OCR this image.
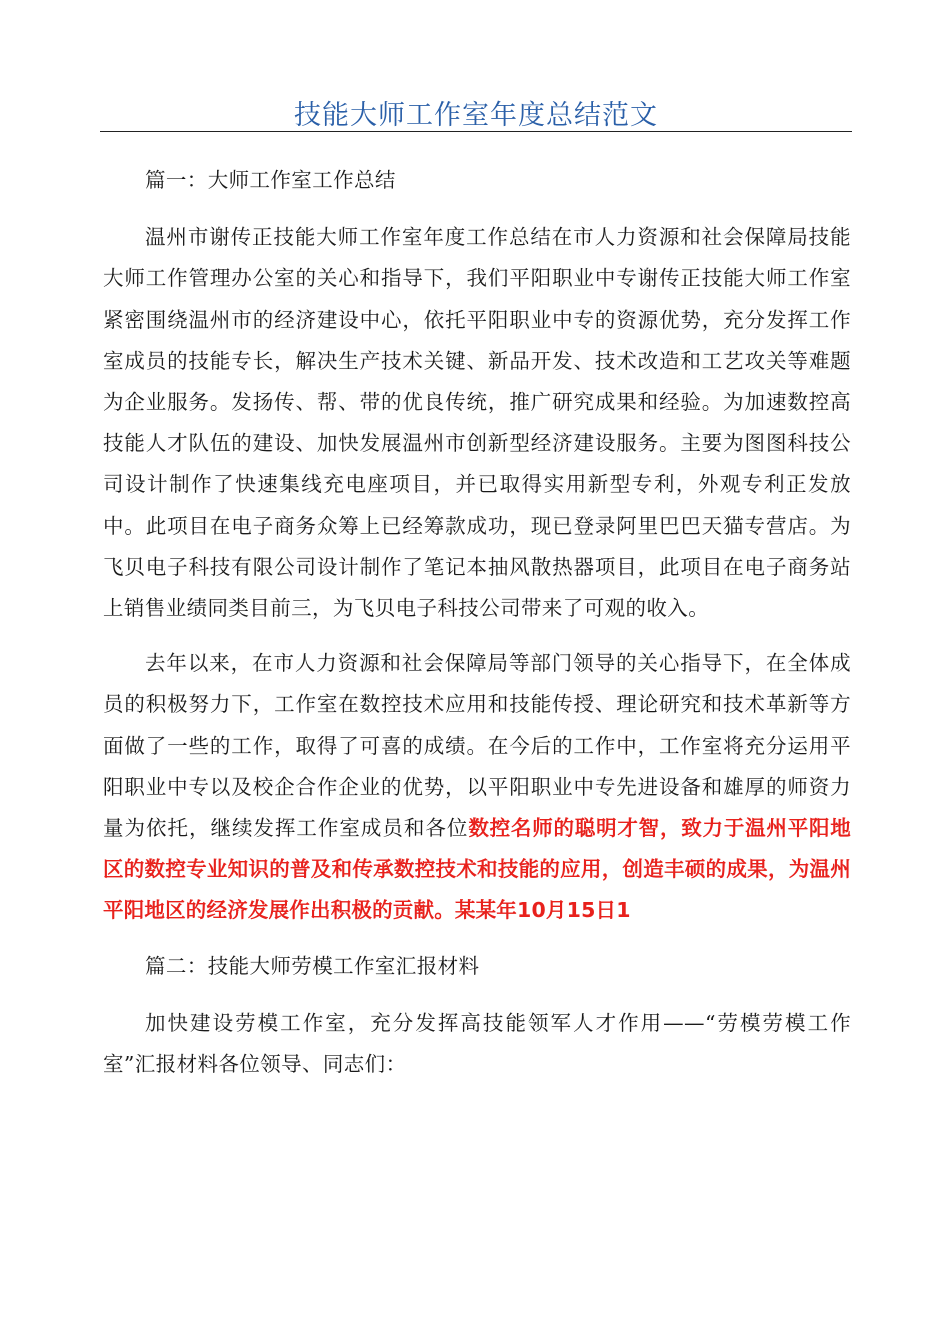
技能大师工作室年度总结范文

篇一：大师工作室工作总结

温州市谢传正技能大师工作室年度工作总结在市人力资源和社会保障局技能大师工作管理办公室的关心和指导下，我们平阳职业中专谢传正技能大师工作室紧密围绕温州市的经济建设中心，依托平阳职业中专的资源优势，充分发挥工作室成员的技能专长，解决生产技术关键、新品开发、技术改造和工艺攻关等难题为企业服务。发扬传、帮、带的优良传统，推广研究成果和经验。为加速数控高技能人才队伍的建设、加快发展温州市创新型经济建设服务。主要为图图科技公司设计制作了快速集线充电座项目，并已取得实用新型专利，外观专利正发放中。此项目在电子商务众筹上已经筹款成功，现已登录阿里巴巴天猫专营店。为飞贝电子科技有限公司设计制作了笔记本抽风散热器项目，此项目在电子商务站上销售业绩同类目前三，为飞贝电子科技公司带来了可观的收入。

去年以来，在市人力资源和社会保障局等部门领导的关心指导下，在全体成员的积极努力下，工作室在数控技术应用和技能传授、理论研究和技术革新等方面做了一些的工作，取得了可喜的成绩。在今后的工作中，工作室将充分运用平阳职业中专以及校企合作企业的优势，以平阳职业中专先进设备和雄厚的师资力量为依托，继续发挥工作室成员和各位数控名师的聪明才智，致力于温州平阳地区的数控专业知识的普及和传承数控技术和技能的应用，创造丰硕的成果，为温州平阳地区的经济发展作出积极的贡献。某某年10月15日1

篇二：技能大师劳模工作室汇报材料

加快建设劳模工作室，充分发挥高技能领军人才作用——“劳模劳模工作室”汇报材料各位领导、同志们：
